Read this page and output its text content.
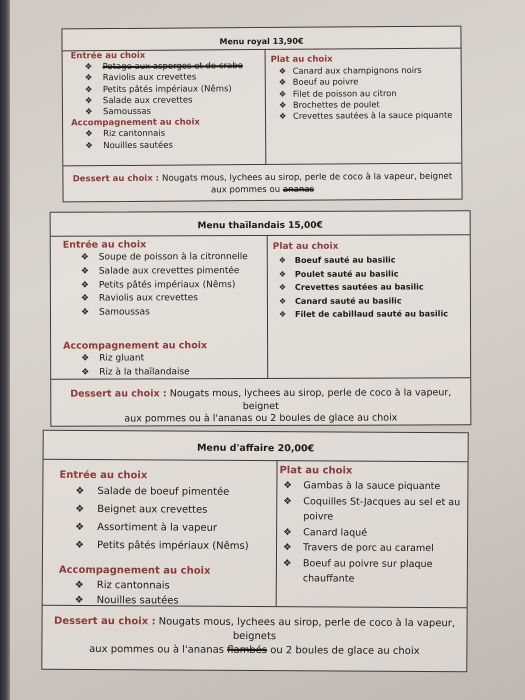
Menu royal 13,90€
Entrée au choix
❖ Potage aux asperges et de crabe
❖ Raviolis aux crevettes
❖ Petits pâtés impériaux (Nêms)
❖ Salade aux crevettes
❖ Samoussas
Accompagnement au choix
❖ Riz cantonnais
❖ Nouilles sautées
Plat au choix
❖ Canard aux champignons noirs
❖ Boeuf au poivre
❖ Filet de poisson au citron
❖ Brochettes de poulet
❖ Crevettes sautées à la sauce piquante
Dessert au choix : Nougats mous, lychees au sirop, perle de coco à la vapeur, beignet
aux pommes ou ananas
Menu thaïlandais 15,00€
Entrée au choix
❖ Soupe de poisson à la citronnelle
❖ Salade aux crevettes pimentée
❖ Petits pâtés impériaux (Nêms)
❖ Raviolis aux crevettes
❖ Samoussas
Accompagnement au choix
❖ Riz gluant
❖ Riz à la thaïlandaise
Plat au choix
❖ Boeuf sauté au basilic
❖ Poulet sauté au basilic
❖ Crevettes sautées au basilic
❖ Canard sauté au basilic
❖ Filet de cabillaud sauté au basilic
Dessert au choix : Nougats mous, lychees au sirop, perle de coco à la vapeur, beignet
aux pommes ou à l'ananas ou 2 boules de glace au choix
Menu d'affaire 20,00€
Entrée au choix
❖ Salade de boeuf pimentée
❖ Beignet aux crevettes
❖ Assortiment à la vapeur
❖ Petits pâtés impériaux (Nêms)
Accompagnement au choix
❖ Riz cantonnais
❖ Nouilles sautées
Plat au choix
❖ Gambas à la sauce piquante
❖ Coquilles St-Jacques au sel et au poivre
❖ Canard laqué
❖ Travers de porc au caramel
❖ Boeuf au poivre sur plaque chauffante
Dessert au choix : Nougats mous, lychees au sirop, perle de coco à la vapeur, beignets
aux pommes ou à l'ananas flambés ou 2 boules de glace au choix
